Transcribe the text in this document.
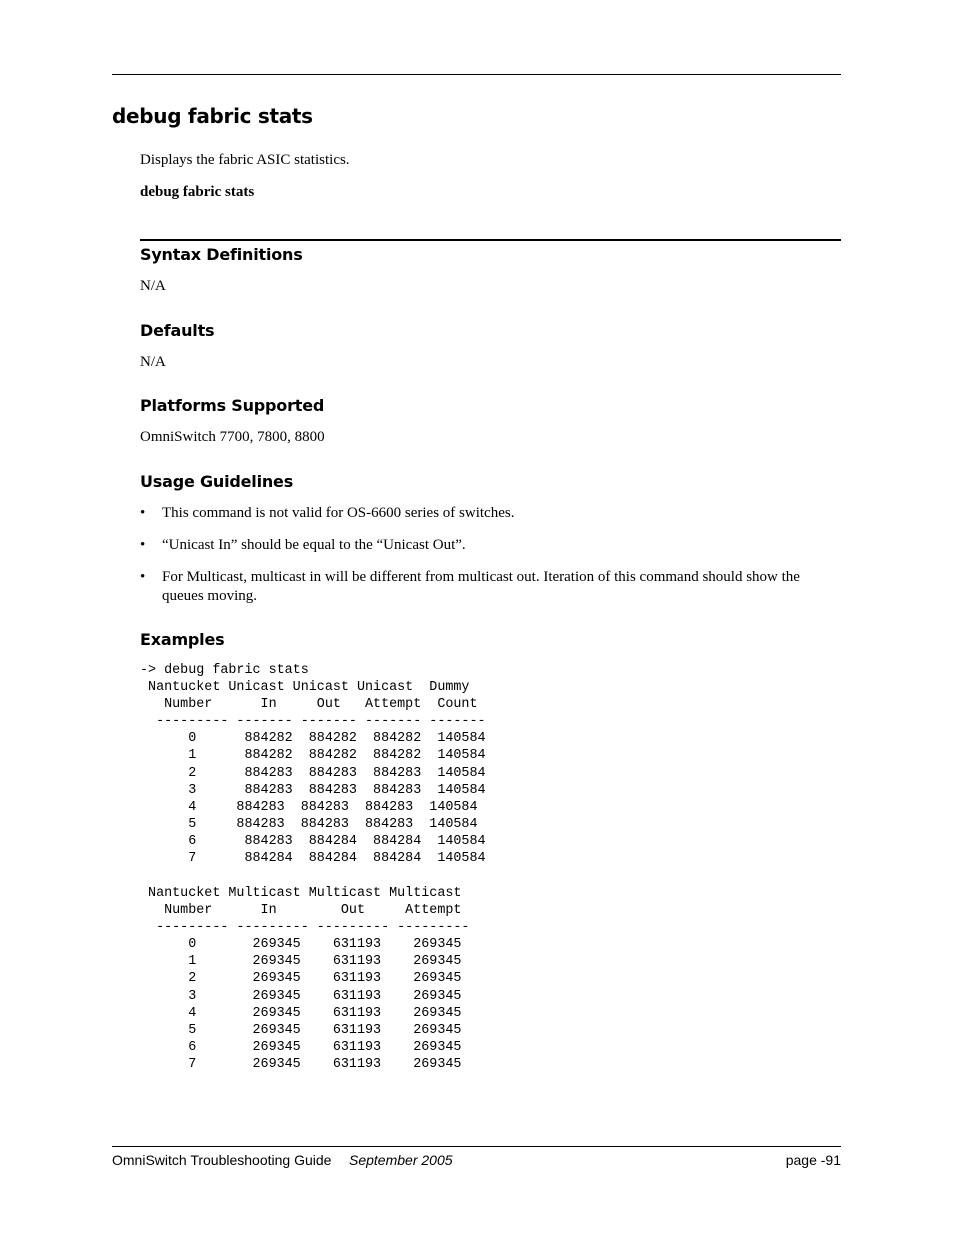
debug fabric stats

Displays the fabric ASIC statistics.

debug fabric stats

Syntax Definitions

N/A

Defaults

N/A

Platforms Supported

OmniSwitch 7700, 7800, 8800

Usage Guidelines
• This command is not valid for OS-6600 series of switches.
• “Unicast In” should be equal to the “Unicast Out”.
• For Multicast, multicast in will be different from multicast out. Iteration of this command should show the queues moving.
Examples
-> debug fabric stats
Nantucket Unicast Unicast Unicast  Dummy
Number      In     Out   Attempt  Count
--------- ------- ------- ------- -------
0      884282  884282  884282  140584
1      884282  884282  884282  140584
2      884283  884283  884283  140584
3      884283  884283  884283  140584
4     884283  884283  884283  140584
5     884283  884283  884283  140584
6      884283  884284  884284  140584
7      884284  884284  884284  140584
Nantucket Multicast Multicast Multicast
Number      In        Out     Attempt
--------- --------- --------- ---------
0       269345    631193    269345
1       269345    631193    269345
2       269345    631193    269345
3       269345    631193    269345
4       269345    631193    269345
5       269345    631193    269345
6       269345    631193    269345
7       269345    631193    269345

OmniSwitch Troubleshooting Guide September 2005	page -91
